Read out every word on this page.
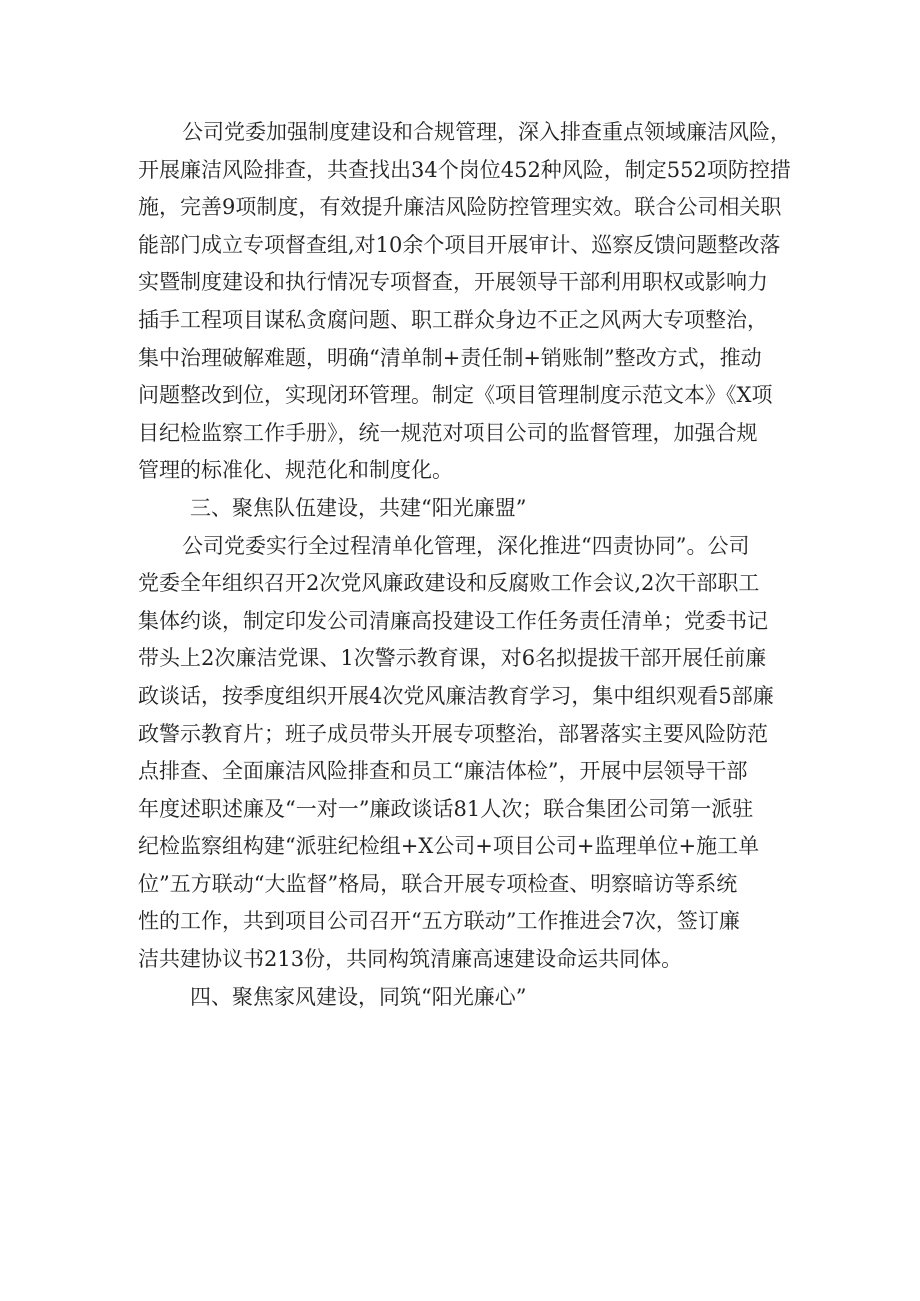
公司党委加强制度建设和合规管理，深入排查重点领域廉洁风险，
开展廉洁风险排查，共查找出34个岗位452种风险，制定552项防控措
施，完善9项制度，有效提升廉洁风险防控管理实效。联合公司相关职
能部门成立专项督查组,对10余个项目开展审计、巡察反馈问题整改落
实暨制度建设和执行情况专项督查，开展领导干部利用职权或影响力
插手工程项目谋私贪腐问题、职工群众身边不正之风两大专项整治，
集中治理破解难题，明确“清单制+责任制+销账制”整改方式，推动
问题整改到位，实现闭环管理。制定《项目管理制度示范文本》《X项
目纪检监察工作手册》，统一规范对项目公司的监督管理，加强合规
管理的标准化、规范化和制度化。
三、聚焦队伍建设，共建“阳光廉盟”
公司党委实行全过程清单化管理，深化推进“四责协同”。公司
党委全年组织召开2次党风廉政建设和反腐败工作会议,2次干部职工
集体约谈，制定印发公司清廉高投建设工作任务责任清单；党委书记
带头上2次廉洁党课、1次警示教育课，对6名拟提拔干部开展任前廉
政谈话，按季度组织开展4次党风廉洁教育学习，集中组织观看5部廉
政警示教育片；班子成员带头开展专项整治，部署落实主要风险防范
点排查、全面廉洁风险排查和员工“廉洁体检”，开展中层领导干部
年度述职述廉及“一对一”廉政谈话81人次；联合集团公司第一派驻
纪检监察组构建“派驻纪检组+X公司+项目公司+监理单位+施工单
位”五方联动“大监督”格局，联合开展专项检查、明察暗访等系统
性的工作，共到项目公司召开“五方联动”工作推进会7次，签订廉
洁共建协议书213份，共同构筑清廉高速建设命运共同体。
四、聚焦家风建设，同筑“阳光廉心”
